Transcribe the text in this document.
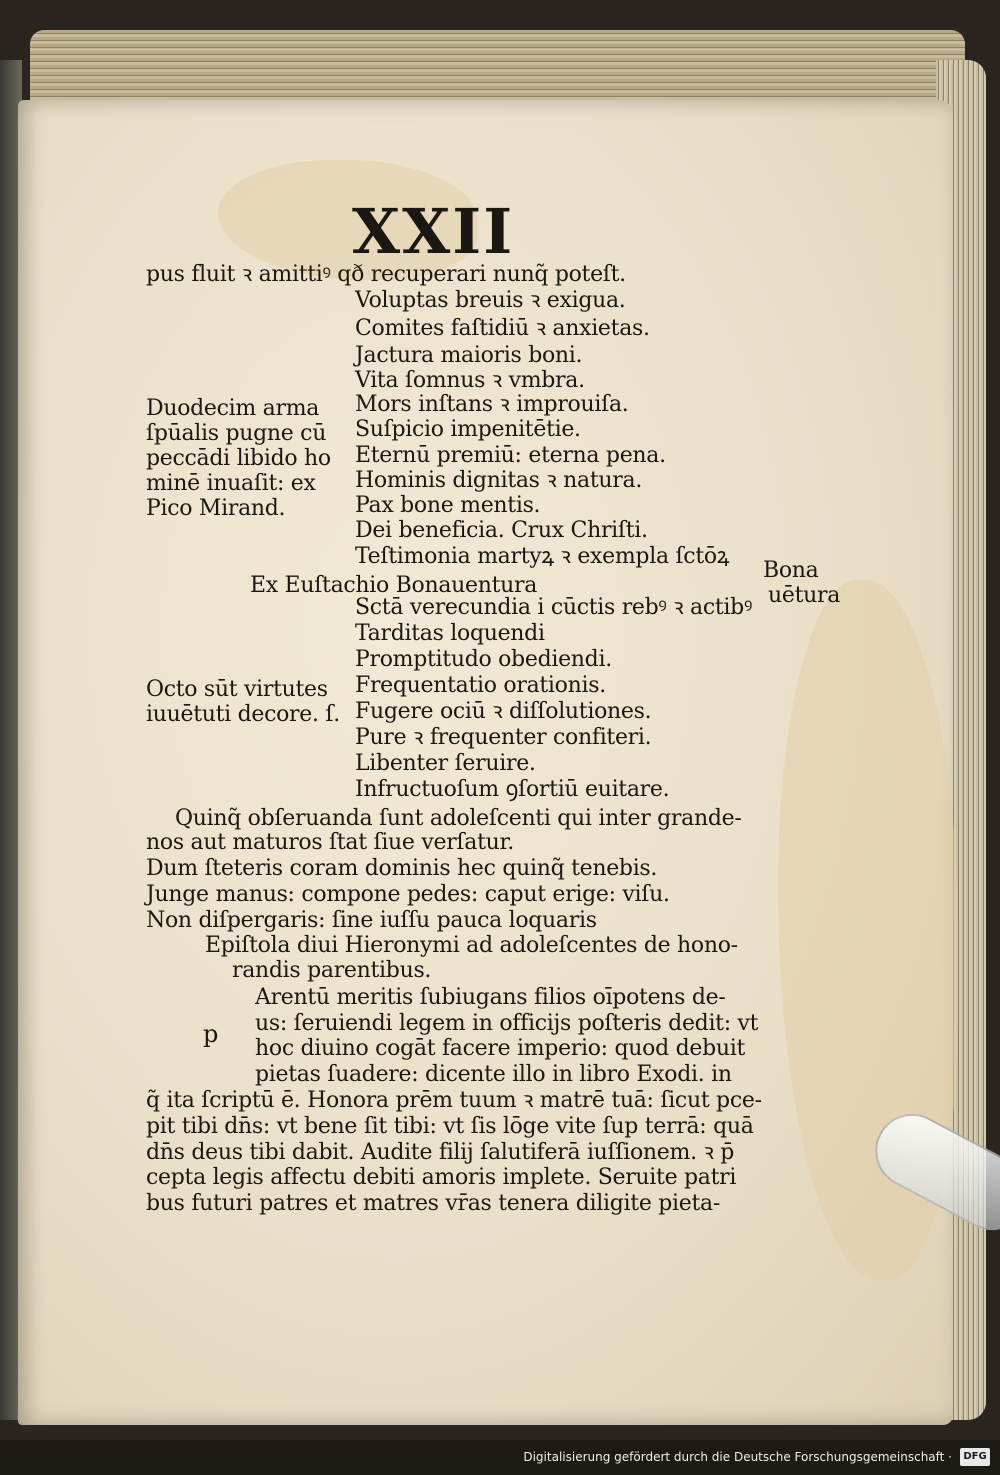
XXII
p
pus fluit ꝛ amittiꝰ qð recuperari nunq̃ poteſt.
Voluptas breuis ꝛ exigua.
Comites faſtidiū ꝛ anxietas.
Jactura maioris boni.
Vita ſomnus ꝛ vmbra.
Duodecim arma Mors inſtans ꝛ improuiſa.
ſpūalis pugne cū Suſpicio impenitētie.
peccādi libido ho Eternū premiū: eterna pena.
minē inuaſit: ex Hominis dignitas ꝛ natura.
Pico Mirand.	Pax bone mentis.
Dei beneficia. Crux Chriſti.
Teſtimonia martyꝝ ꝛ exempla ſctōꝝ
Bona
Ex Euſtachio Bonauentura	uētura
Sctā verecundia i cūctis rebꝰ ꝛ actibꝰ
Tarditas loquendi
Promptitudo obediendi.
Octo sūt virtutes Frequentatio orationis.
iuuētuti decore. ſ. Fugere ociū ꝛ diſſolutiones.
Pure ꝛ frequenter confiteri.
Libenter ſeruire.
Infructuoſum ꝯſortiū euitare.
Quinq̃ obſeruanda ſunt adoleſcenti qui inter grande-
nos aut maturos ſtat ſiue verſatur.
Dum ſteteris coram dominis hec quinq̃ tenebis.
Junge manus: compone pedes: caput erige: viſu.
Non diſpergaris: ſine iuſſu pauca loquaris
Epiſtola diui Hieronymi ad adoleſcentes de hono-
randis parentibus.
Arentū meritis ſubiugans filios oīpotens de-
us: ſeruiendi legem in officijs poſteris dedit: vt
hoc diuino cogāt facere imperio: quod debuit
pietas ſuadere: dicente illo in libro Exodi. in
q̃ ita ſcriptū ē. Honora prēm tuum ꝛ matrē tuā: ſicut pce-
pit tibi dn̄s: vt bene ſit tibi: vt ſis lōge vite ſup terrā: quā
dn̄s deus tibi dabit. Audite filij ſalutiferā iuſſionem. ꝛ p̄
cepta legis affectu debiti amoris implete. Seruite patri
bus futuri patres et matres vr̄as tenera diligite pieta-
Digitalisierung gefördert durch die Deutsche Forschungsgemeinschaft ·	DFG
